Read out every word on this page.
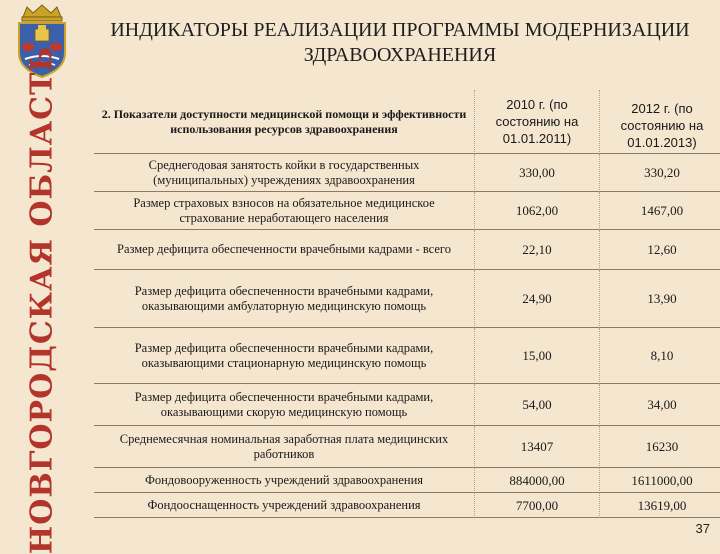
НОВГОРОДСКАЯ ОБЛАСТЬ
ИНДИКАТОРЫ РЕАЛИЗАЦИИ ПРОГРАММЫ МОДЕРНИЗАЦИИ
ЗДРАВООХРАНЕНИЯ
2. Показатели доступности медицинской помощи и эффективности использования ресурсов здравоохранения	2010 г. (по состоянию на 01.01.2011)	2012 г. (по состоянию на 01.01.2013)
Среднегодовая занятость койки в государственных (муниципальных) учреждениях здравоохранения	330,00	330,20
Размер страховых взносов на обязательное медицинское страхование неработающего населения	1062,00	1467,00
Размер дефицита обеспеченности врачебными кадрами - всего	22,10	12,60
Размер дефицита обеспеченности врачебными кадрами, оказывающими амбулаторную медицинскую помощь	24,90	13,90
Размер дефицита обеспеченности врачебными кадрами, оказывающими стационарную медицинскую помощь	15,00	8,10
Размер дефицита обеспеченности врачебными кадрами, оказывающими скорую медицинскую помощь	54,00	34,00
Среднемесячная номинальная заработная плата медицинских работников	13407	16230
Фондовооруженность учреждений здравоохранения	884000,00	1611000,00
Фондооснащенность учреждений здравоохранения	7700,00	13619,00
37
